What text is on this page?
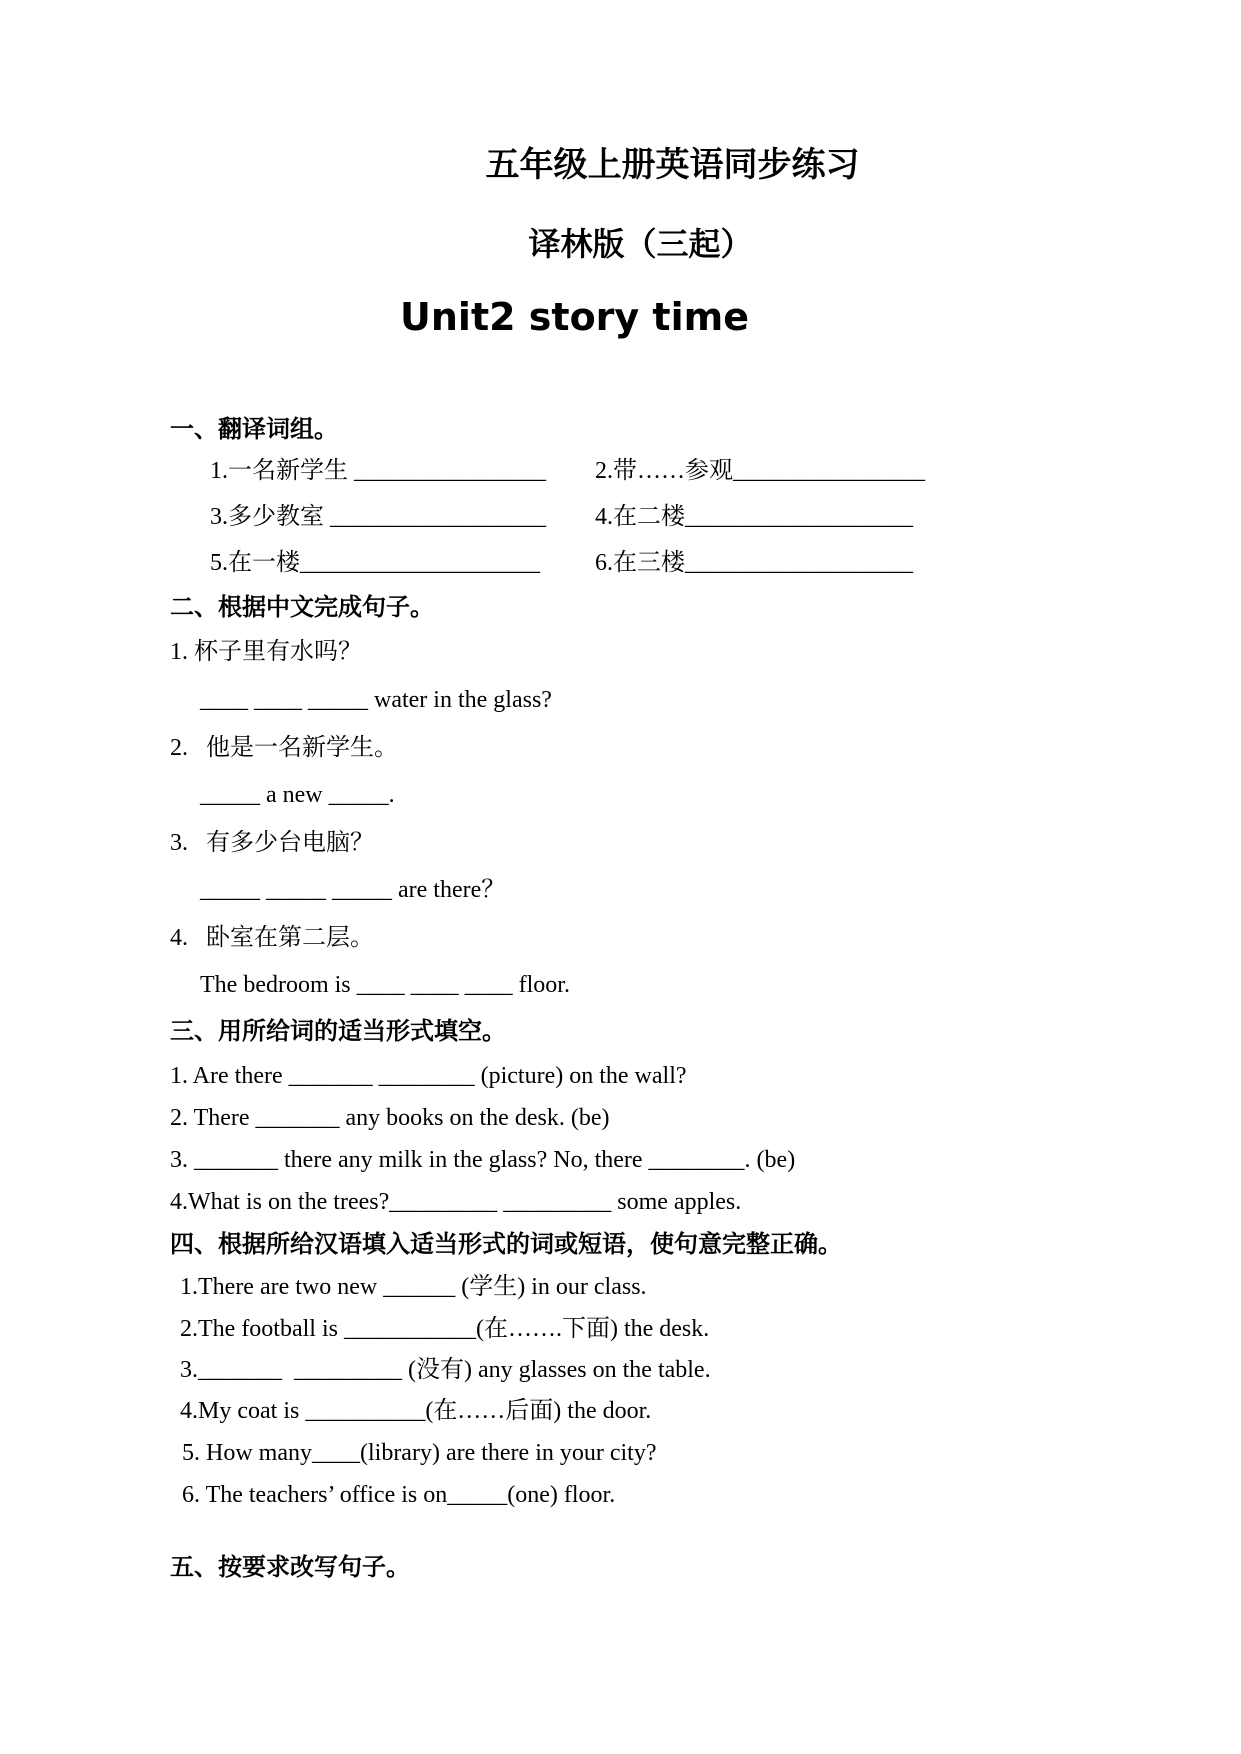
五年级上册英语同步练习
译林版（三起）
Unit2 story time
一、翻译词组。
1.一名新学生 ________________ 2.带……参观________________
3.多少教室 __________________ 4.在二楼___________________
5.在一楼____________________ 6.在三楼___________________
二、根据中文完成句子。
1. 杯子里有水吗？
____ ____ _____ water in the glass?
2.   他是一名新学生。
_____ a new _____.
3.   有多少台电脑？
_____ _____ _____ are there？
4.   卧室在第二层。
The bedroom is ____ ____ ____ floor.
三、用所给词的适当形式填空。
1. Are there _______ ________ (picture) on the wall?
2. There _______ any books on the desk. (be)
3. _______ there any milk in the glass? No, there ________. (be)
4.What is on the trees?_________ _________ some apples.
四、根据所给汉语填入适当形式的词或短语，使句意完整正确。
1.There are two new ______ (学生) in our class.
2.The football is ___________(在…….下面) the desk.
3._______  _________ (没有) any glasses on the table.
4.My coat is __________(在……后面) the door.
5. How many____(library) are there in your city?
6. The teachers’ office is on_____(one) floor.
五、按要求改写句子。
